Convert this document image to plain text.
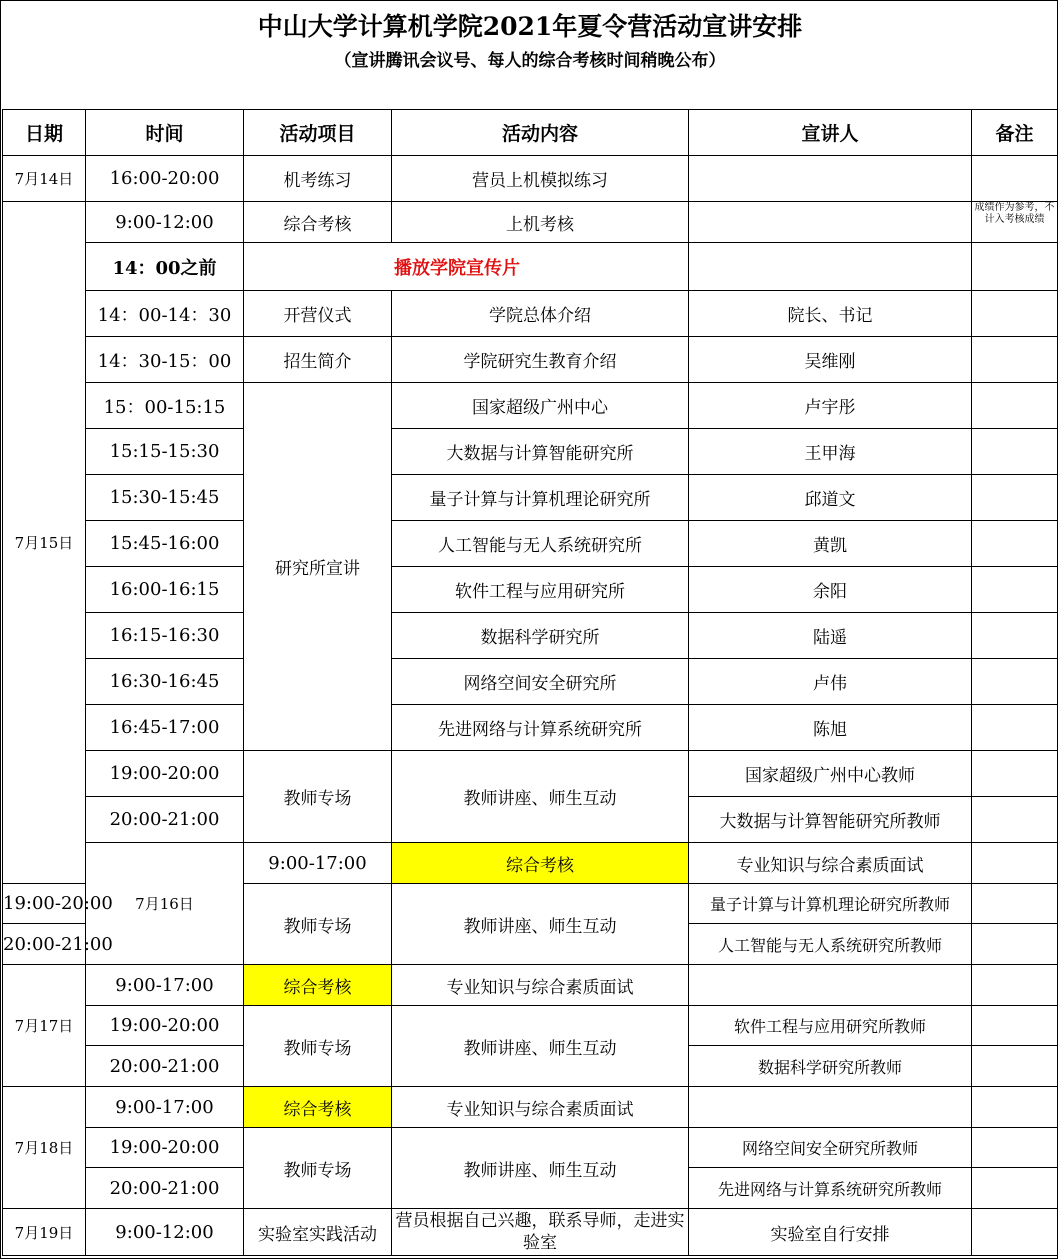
中山大学计算机学院2021年夏令营活动宣讲安排
（宣讲腾讯会议号、每人的综合考核时间稍晚公布）
日期	时间	活动项目	活动内容	宣讲人	备注	
7月14日	16:00-20:00	机考练习	营员上机模拟练习			
7月15日	9:00-12:00	综合考核	上机考核		成绩作为参考，不计入考核成绩	
	14：00之前	播放学院宣传片				
	14：00-14：30	开营仪式	学院总体介绍	院长、书记		
	14：30-15：00	招生简介	学院研究生教育介绍	吴维刚		
	15：00-15:15	研究所宣讲	国家超级广州中心	卢宇彤		
	15:15-15:30		大数据与计算智能研究所	王甲海		
	15:30-15:45		量子计算与计算机理论研究所	邱道文		
	15:45-16:00		人工智能与无人系统研究所	黄凯		
	16:00-16:15		软件工程与应用研究所	余阳		
	16:15-16:30		数据科学研究所	陆遥		
	16:30-16:45		网络空间安全研究所	卢伟		
	16:45-17:00		先进网络与计算系统研究所	陈旭		
	19:00-20:00	教师专场	教师讲座、师生互动	国家超级广州中心教师		
	20:00-21:00			大数据与计算智能研究所教师		
	7月16日	9:00-17:00	综合考核	专业知识与综合素质面试		
19:00-20:00		教师专场	教师讲座、师生互动	量子计算与计算机理论研究所教师		
20:00-21:00				人工智能与无人系统研究所教师		
7月17日	9:00-17:00	综合考核	专业知识与综合素质面试			
	19:00-20:00	教师专场	教师讲座、师生互动	软件工程与应用研究所教师		
	20:00-21:00			数据科学研究所教师		
7月18日	9:00-17:00	综合考核	专业知识与综合素质面试			
	19:00-20:00	教师专场	教师讲座、师生互动	网络空间安全研究所教师		
	20:00-21:00			先进网络与计算系统研究所教师		
7月19日	9:00-12:00	实验室实践活动	营员根据自己兴趣，联系导师，走进实验室	实验室自行安排		
